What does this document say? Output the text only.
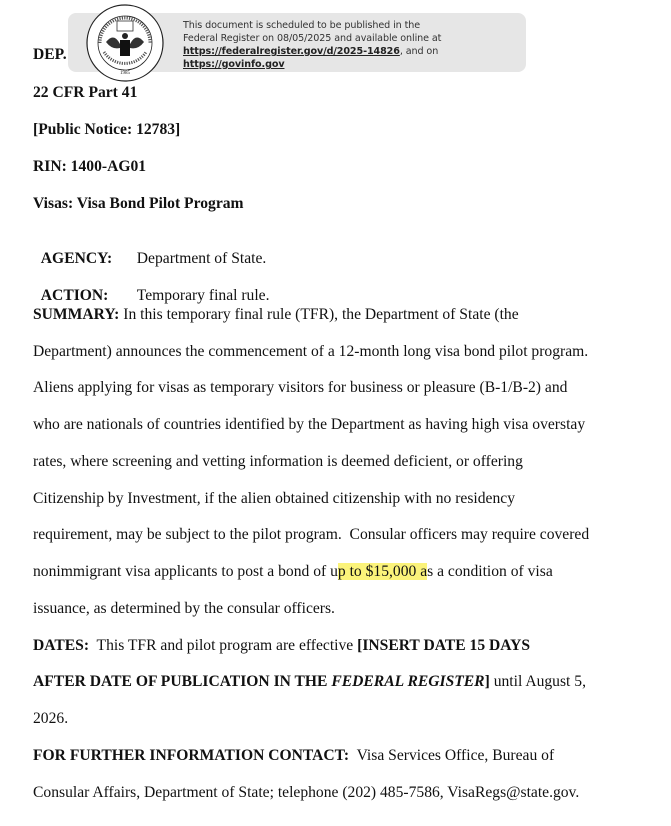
DEP.
1985
This document is scheduled to be published in the
Federal Register on 08/05/2025 and available online at
https://federalregister.gov/d/2025-14826, and on https://govinfo.gov
22 CFR Part 41
[Public Notice: 12783]
RIN: 1400-AG01
Visas: Visa Bond Pilot Program

AGENCY: Department of State.

ACTION: Temporary final rule.

SUMMARY: In this temporary final rule (TFR), the Department of State (the
Department) announces the commencement of a 12-month long visa bond pilot program.
Aliens applying for visas as temporary visitors for business or pleasure (B-1/B-2) and
who are nationals of countries identified by the Department as having high visa overstay
rates, where screening and vetting information is deemed deficient, or offering
Citizenship by Investment, if the alien obtained citizenship with no residency
requirement, may be subject to the pilot program.  Consular officers may require covered
nonimmigrant visa applicants to post a bond of up to $15,000 as a condition of visa
issuance, as determined by the consular officers.
DATES:  This TFR and pilot program are effective [INSERT DATE 15 DAYS
AFTER DATE OF PUBLICATION IN THE FEDERAL REGISTER] until August 5,
2026.
FOR FURTHER INFORMATION CONTACT:  Visa Services Office, Bureau of
Consular Affairs, Department of State; telephone (202) 485-7586, VisaRegs@state.gov.
